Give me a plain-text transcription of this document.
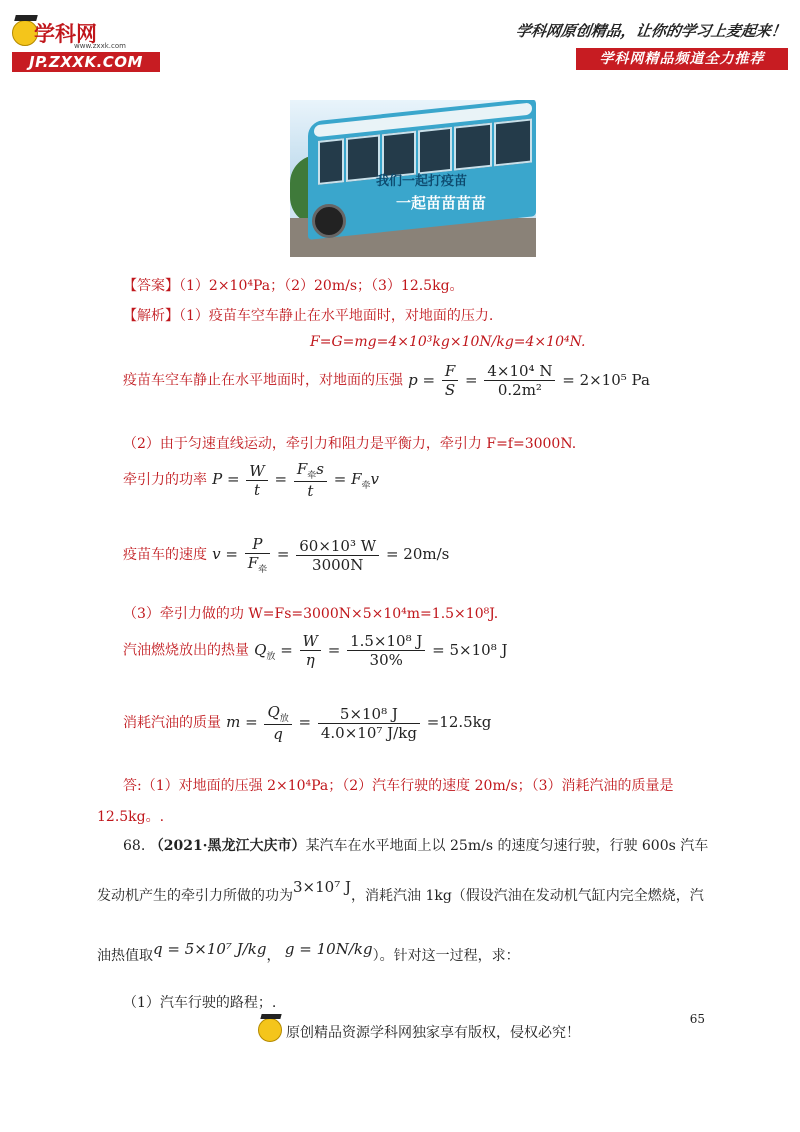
学科网
www.zxxk.com
JP.ZXXK.COM
学科网原创精品，让你的学习上麦起来！
学科网精品频道全力推荐
我们一起打疫苗
一起苗苗苗苗
【答案】（1）2×10⁴Pa；（2）20m/s；（3）12.5kg。
【解析】（1）疫苗车空车静止在水平地面时，对地面的压力.
F=G=mg=4×10³kg×10N/kg=4×10⁴N.
疫苗车空车静止在水平地面时，对地面的压强 $p = \frac{F}{S} = \frac{\text{4×10⁴ N}}{\text{0.2m²}} = 2\times 10^5$ Pa
（2）由于匀速直线运动，牵引力和阻力是平衡力，牵引力 F=f=3000N.
牵引力的功率 $P = \frac{W}{t} = \frac{F_牵s}{t} = F_牵v$
疫苗车的速度 $v = \frac{P}{F_牵} = \frac{\text{60×10³ W}}{3000N} = 20m/s$
（3）牵引力做的功 W=Fs=3000N×5×10⁴m=1.5×10⁸J.
汽油燃烧放出的热量 $Q_放 = \frac{W}{\eta} = \frac{\text{1.5×10⁸ J}}{30\%} = 5\times 10^8$ J
消耗汽油的质量 $m = \frac{Q_放}{q} = \frac{\text{5×10⁸ J}}{\text{4.0×10⁷ J/kg}} =12.5kg$
答:（1）对地面的压强 2×10⁴Pa；（2）汽车行驶的速度 20m/s；（3）消耗汽油的质量是
12.5kg。.
68. （2021·黑龙江大庆市）某汽车在水平地面上以 25m/s 的速度匀速行驶，行驶 600s 汽车
发动机产生的牵引力所做的功为3×10⁷ J，消耗汽油 1kg（假设汽油在发动机气缸内完全燃烧，汽
油热值取q = 5×10⁷ J/kg， g = 10N/kg）。针对这一过程，求：
（1）汽车行驶的路程；.
65
原创精品资源学科网独家享有版权，侵权必究！
